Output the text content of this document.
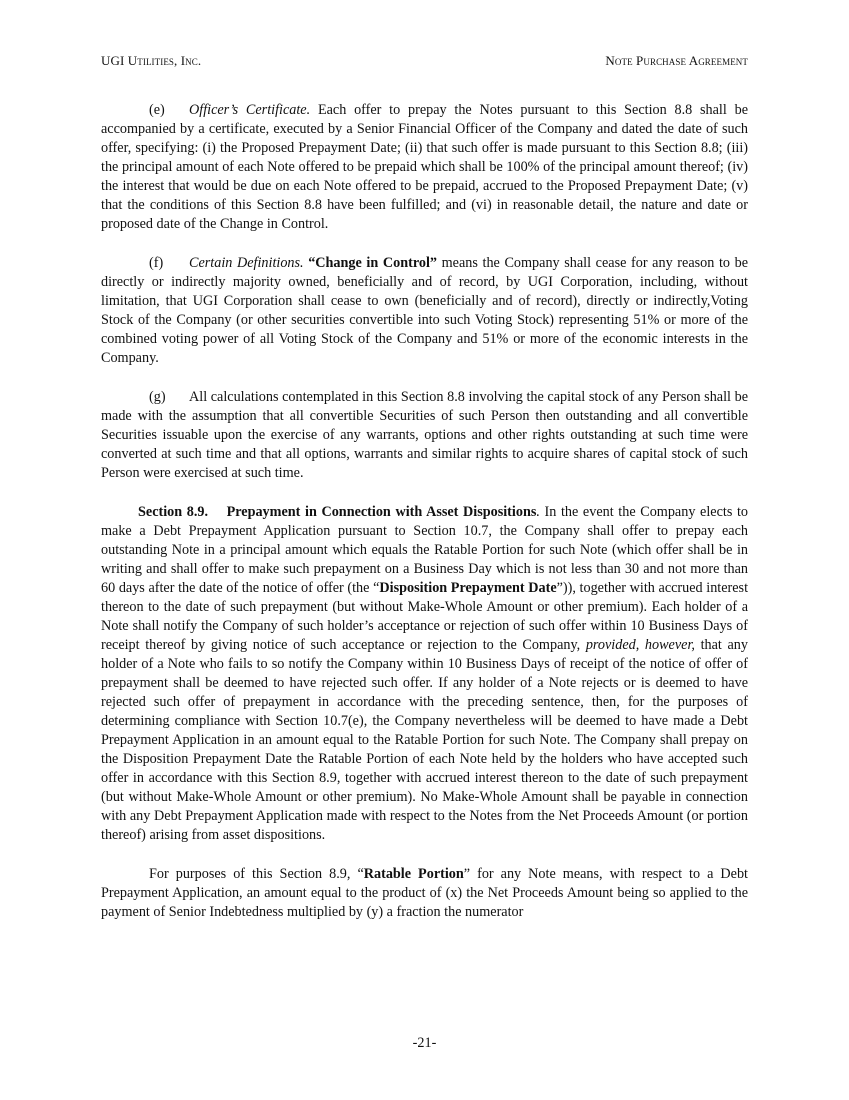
UGI Utilities, Inc.	Note Purchase Agreement

(e) Officer’s Certificate. Each offer to prepay the Notes pursuant to this Section 8.8 shall be accompanied by a certificate, executed by a Senior Financial Officer of the Company and dated the date of such offer, specifying: (i) the Proposed Prepayment Date; (ii) that such offer is made pursuant to this Section 8.8; (iii) the principal amount of each Note offered to be prepaid which shall be 100% of the principal amount thereof; (iv) the interest that would be due on each Note offered to be prepaid, accrued to the Proposed Prepayment Date; (v) that the conditions of this Section 8.8 have been fulfilled; and (vi) in reasonable detail, the nature and date or proposed date of the Change in Control.

(f) Certain Definitions. “Change in Control” means the Company shall cease for any reason to be directly or indirectly majority owned, beneficially and of record, by UGI Corporation, including, without limitation, that UGI Corporation shall cease to own (beneficially and of record), directly or indirectly,Voting Stock of the Company (or other securities convertible into such Voting Stock) representing 51% or more of the combined voting power of all Voting Stock of the Company and 51% or more of the economic interests in the Company.

(g) All calculations contemplated in this Section 8.8 involving the capital stock of any Person shall be made with the assumption that all convertible Securities of such Person then outstanding and all convertible Securities issuable upon the exercise of any warrants, options and other rights outstanding at such time were converted at such time and that all options, warrants and similar rights to acquire shares of capital stock of such Person were exercised at such time.

Section 8.9. Prepayment in Connection with Asset Dispositions. In the event the Company elects to make a Debt Prepayment Application pursuant to Section 10.7, the Company shall offer to prepay each outstanding Note in a principal amount which equals the Ratable Portion for such Note (which offer shall be in writing and shall offer to make such prepayment on a Business Day which is not less than 30 and not more than 60 days after the date of the notice of offer (the “Disposition Prepayment Date”)), together with accrued interest thereon to the date of such prepayment (but without Make-Whole Amount or other premium). Each holder of a Note shall notify the Company of such holder’s acceptance or rejection of such offer within 10 Business Days of receipt thereof by giving notice of such acceptance or rejection to the Company, provided, however, that any holder of a Note who fails to so notify the Company within 10 Business Days of receipt of the notice of offer of prepayment shall be deemed to have rejected such offer. If any holder of a Note rejects or is deemed to have rejected such offer of prepayment in accordance with the preceding sentence, then, for the purposes of determining compliance with Section 10.7(e), the Company nevertheless will be deemed to have made a Debt Prepayment Application in an amount equal to the Ratable Portion for such Note. The Company shall prepay on the Disposition Prepayment Date the Ratable Portion of each Note held by the holders who have accepted such offer in accordance with this Section 8.9, together with accrued interest thereon to the date of such prepayment (but without Make-Whole Amount or other premium). No Make-Whole Amount shall be payable in connection with any Debt Prepayment Application made with respect to the Notes from the Net Proceeds Amount (or portion thereof) arising from asset dispositions.

For purposes of this Section 8.9, “Ratable Portion” for any Note means, with respect to a Debt Prepayment Application, an amount equal to the product of (x) the Net Proceeds Amount being so applied to the payment of Senior Indebtedness multiplied by (y) a fraction the numerator

-21-
